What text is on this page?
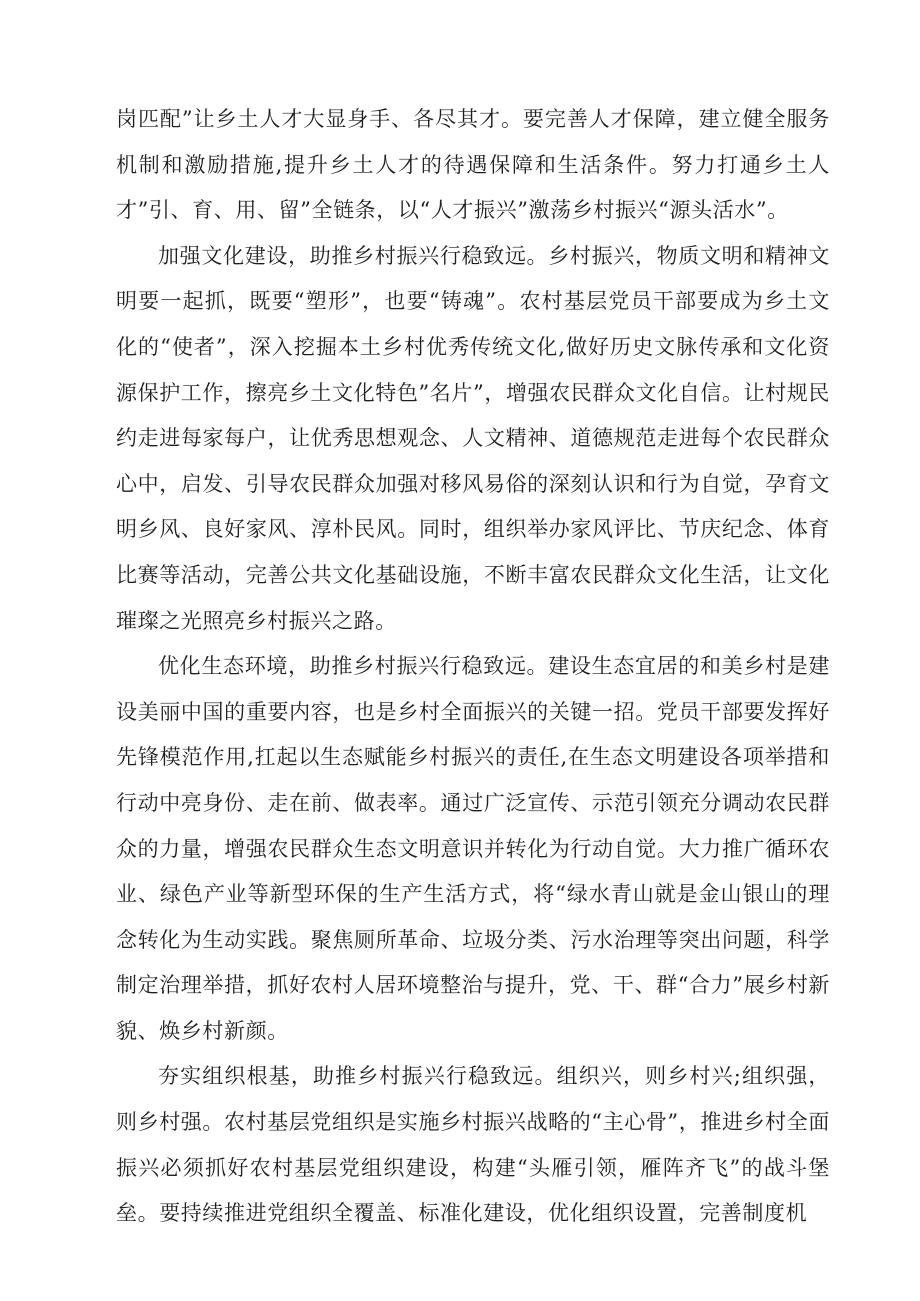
岗匹配”让乡土人才大显身手、各尽其才。要完善人才保障，建立健全服务机制和激励措施,提升乡土人才的待遇保障和生活条件。努力打通乡土人才”引、育、用、留”全链条，以“人才振兴”激荡乡村振兴“源头活水”。

加强文化建设，助推乡村振兴行稳致远。乡村振兴，物质文明和精神文明要一起抓，既要“塑形”，也要“铸魂”。农村基层党员干部要成为乡土文化的“使者”，深入挖掘本土乡村优秀传统文化,做好历史文脉传承和文化资源保护工作，擦亮乡土文化特色”名片”，增强农民群众文化自信。让村规民约走进每家每户，让优秀思想观念、人文精神、道德规范走进每个农民群众心中，启发、引导农民群众加强对移风易俗的深刻认识和行为自觉，孕育文明乡风、良好家风、淳朴民风。同时，组织举办家风评比、节庆纪念、体育比赛等活动，完善公共文化基础设施，不断丰富农民群众文化生活，让文化璀璨之光照亮乡村振兴之路。

优化生态环境，助推乡村振兴行稳致远。建设生态宜居的和美乡村是建设美丽中国的重要内容，也是乡村全面振兴的关键一招。党员干部要发挥好先锋模范作用,扛起以生态赋能乡村振兴的责任,在生态文明建设各项举措和行动中亮身份、走在前、做表率。通过广泛宣传、示范引领充分调动农民群众的力量，增强农民群众生态文明意识并转化为行动自觉。大力推广循环农业、绿色产业等新型环保的生产生活方式，将“绿水青山就是金山银山的理念转化为生动实践。聚焦厕所革命、垃圾分类、污水治理等突出问题，科学制定治理举措，抓好农村人居环境整治与提升，党、干、群“合力”展乡村新貌、焕乡村新颜。

夯实组织根基，助推乡村振兴行稳致远。组织兴，则乡村兴;组织强，则乡村强。农村基层党组织是实施乡村振兴战略的“主心骨”，推进乡村全面振兴必须抓好农村基层党组织建设，构建“头雁引领，雁阵齐飞”的战斗堡垒。要持续推进党组织全覆盖、标准化建设，优化组织设置，完善制度机
